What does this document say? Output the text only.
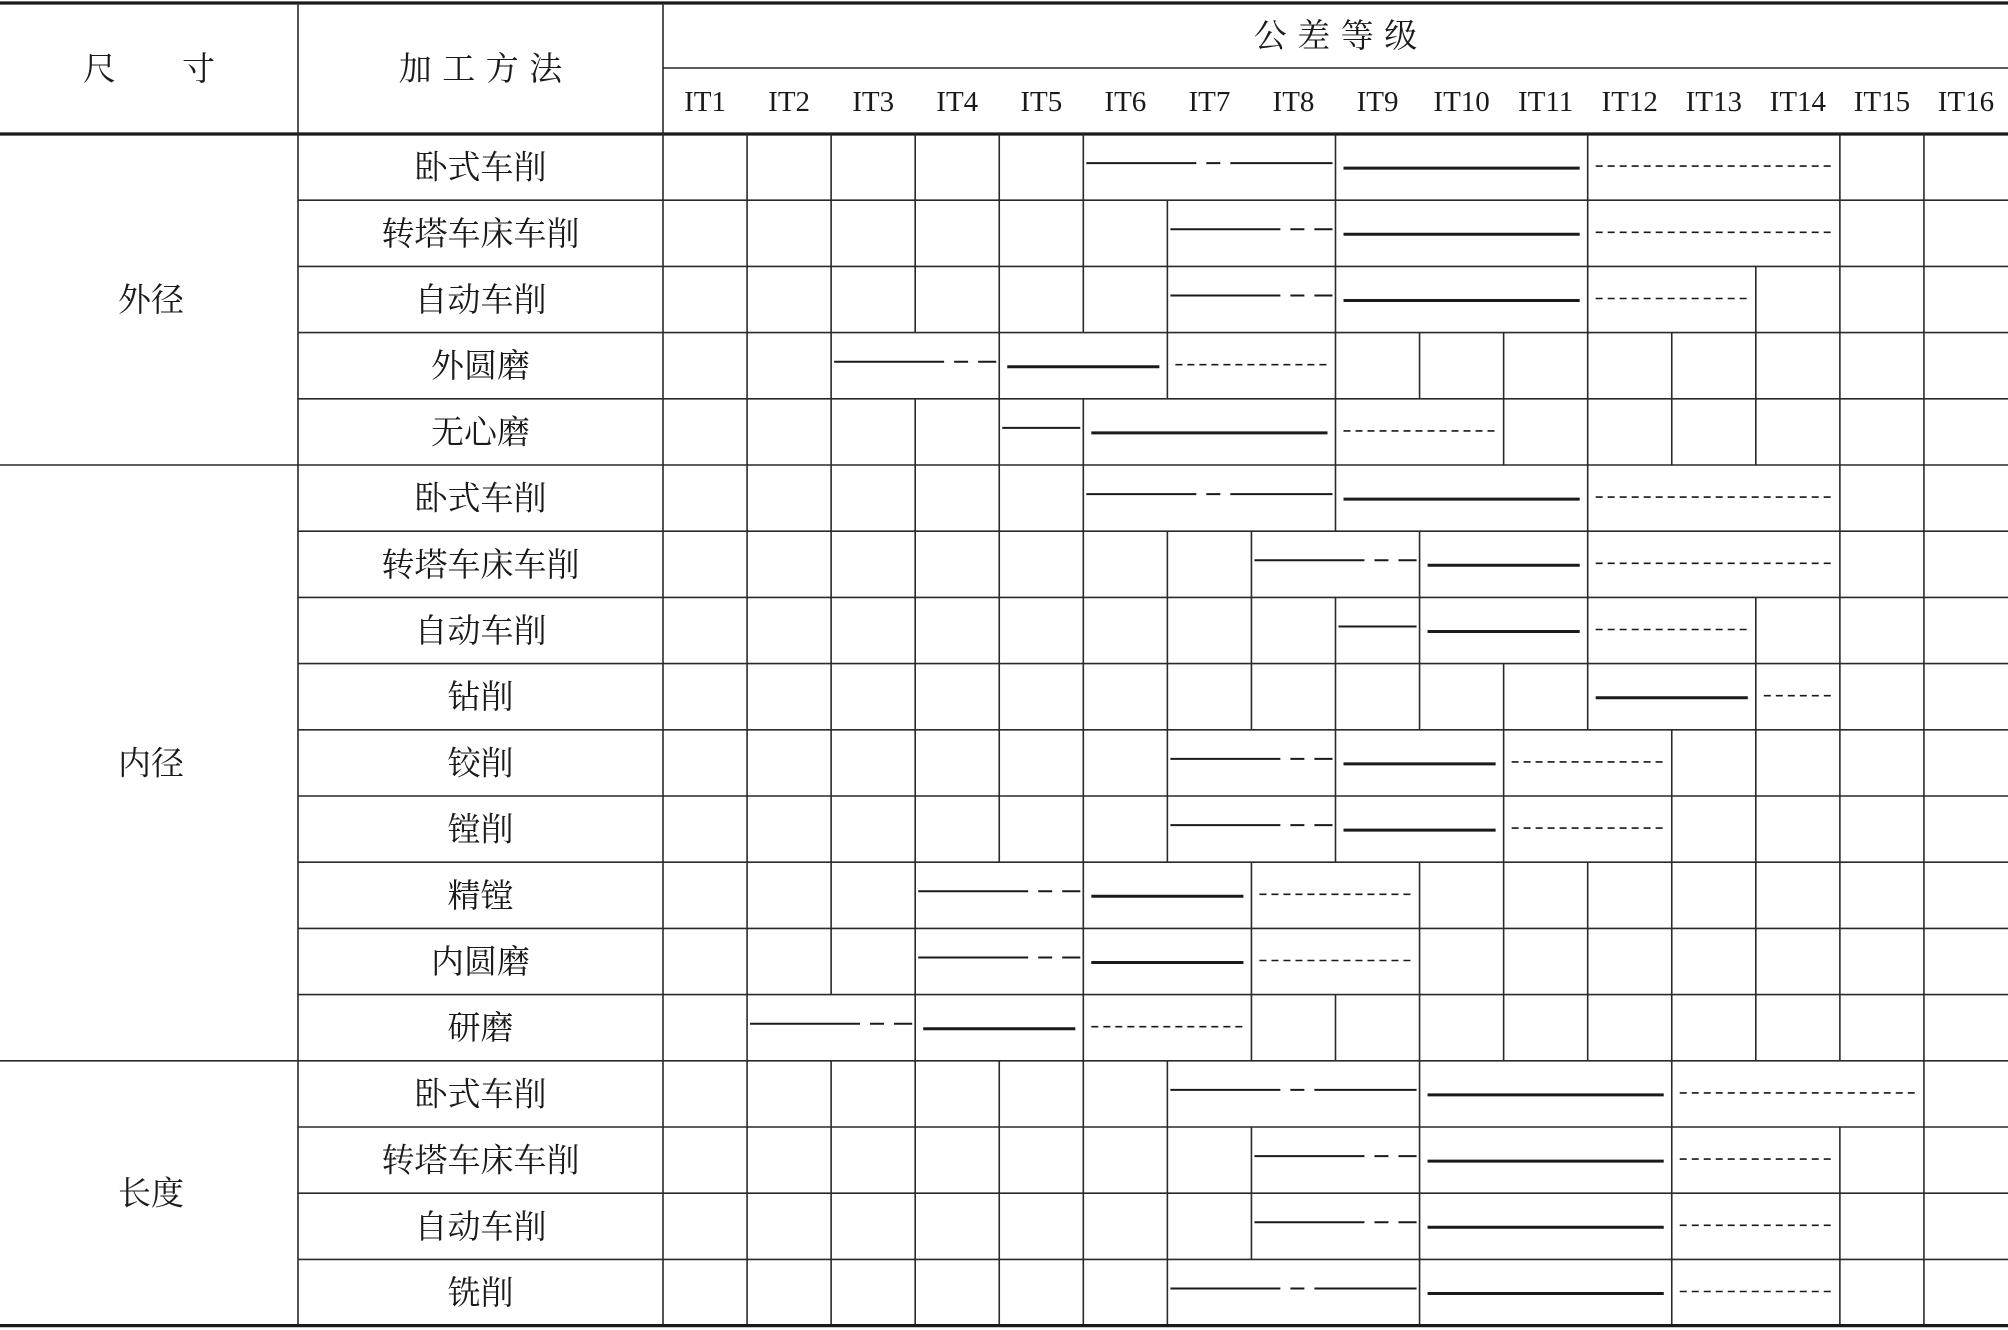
尺　　寸	加 工 方 法
公 差 等 级
IT1 IT2 IT3 IT4 IT5 IT6 IT7 IT8 IT9 IT10 IT11 IT12 IT13 IT14 IT15 IT16
外径
卧式车削
转塔车床车削
自动车削
外圆磨
无心磨
内径
卧式车削
转塔车床车削
自动车削
钻削
铰削
镗削
精镗
内圆磨
研磨
长度
卧式车削
转塔车床车削
自动车削
铣削
